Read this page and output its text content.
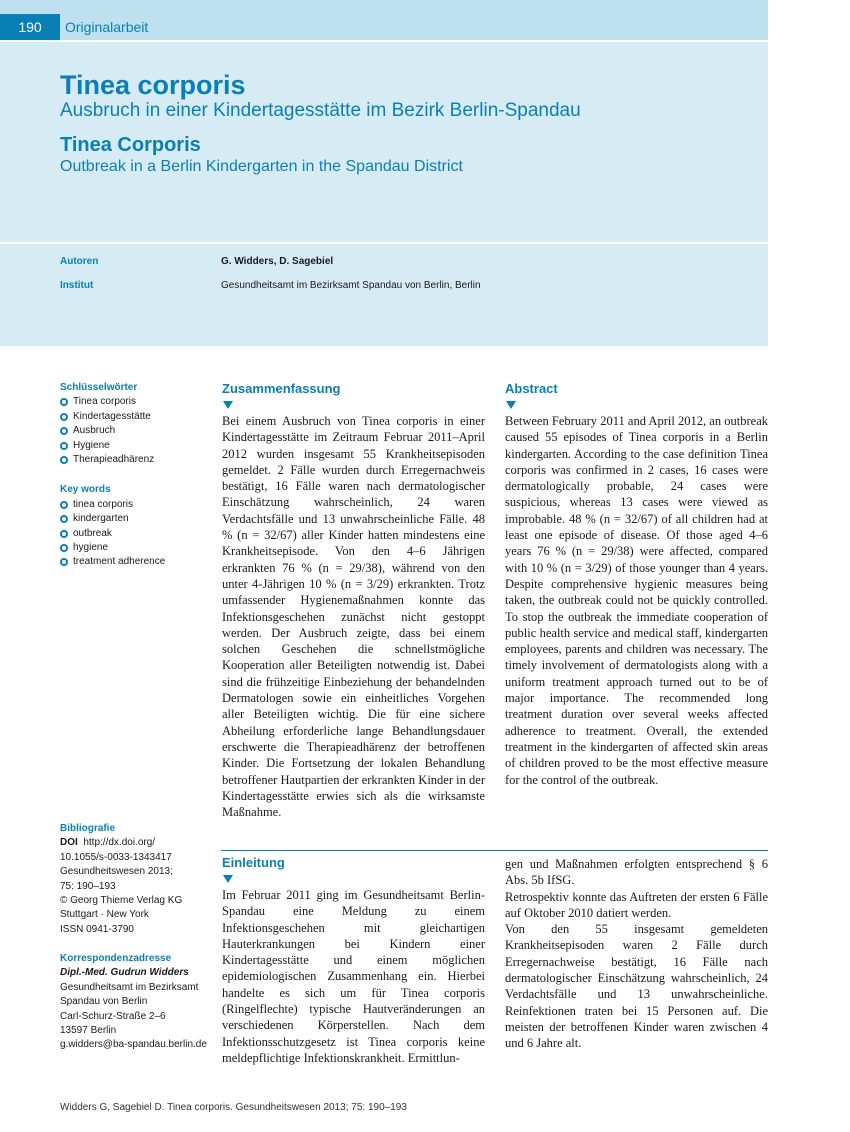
190	Originalarbeit
Tinea corporis
Ausbruch in einer Kindertagesstätte im Bezirk Berlin-Spandau
Tinea Corporis
Outbreak in a Berlin Kindergarten in the Spandau District
Autoren	G. Widders, D. Sagebiel
Institut	Gesundheitsamt im Bezirksamt Spandau von Berlin, Berlin
Schlüsselwörter
Tinea corporis
Kindertagesstätte
Ausbruch
Hygiene
Therapieadhärenz
Key words
tinea corporis
kindergarten
outbreak
hygiene
treatment adherence
Bibliografie
DOI http://dx.doi.org/
10.1055/s-0033-1343417
Gesundheitswesen 2013;
75: 190–193
© Georg Thieme Verlag KG
Stuttgart · New York
ISSN 0941-3790
Korrespondenzadresse
Dipl.-Med. Gudrun Widders
Gesundheitsamt im Bezirksamt
Spandau von Berlin
Carl-Schurz-Straße 2–6
13597 Berlin
g.widders@ba-spandau.berlin.de
Zusammenfassung

Bei einem Ausbruch von Tinea corporis in einer Kindertagesstätte im Zeitraum Februar 2011–April 2012 wurden insgesamt 55 Krankheitsepisoden gemeldet. 2 Fälle wurden durch Erregernachweis bestätigt, 16 Fälle waren nach dermatologischer Einschätzung wahrscheinlich, 24 waren Verdachtsfälle und 13 unwahrscheinliche Fälle. 48 % (n = 32/67) aller Kinder hatten mindestens eine Krankheitsepisode. Von den 4–6 Jährigen erkrankten 76 % (n = 29/38), während von den unter 4-Jährigen 10 % (n = 3/29) erkrankten. Trotz umfassender Hygienemaßnahmen konnte das Infektionsgeschehen zunächst nicht gestoppt werden. Der Ausbruch zeigte, dass bei einem solchen Geschehen die schnellstmögliche Kooperation aller Beteiligten notwendig ist. Dabei sind die frühzeitige Einbeziehung der behandelnden Dermatologen sowie ein einheitliches Vorgehen aller Beteiligten wichtig. Die für eine sichere Abheilung erforderliche lange Behandlungsdauer erschwerte die Therapieadhärenz der betroffenen Kinder. Die Fortsetzung der lokalen Behandlung betroffener Hautpartien der erkrankten Kinder in der Kindertagesstätte erwies sich als die wirksamste Maßnahme.

Abstract

Between February 2011 and April 2012, an outbreak caused 55 episodes of Tinea corporis in a Berlin kindergarten. According to the case definition Tinea corporis was confirmed in 2 cases, 16 cases were dermatologically probable, 24 cases were suspicious, whereas 13 cases were viewed as improbable. 48 % (n = 32/67) of all children had at least one episode of disease. Of those aged 4–6 years 76 % (n = 29/38) were affected, compared with 10 % (n = 3/29) of those younger than 4 years. Despite comprehensive hygienic measures being taken, the outbreak could not be quickly controlled. To stop the outbreak the immediate cooperation of public health service and medical staff, kindergarten employees, parents and children was necessary. The timely involvement of dermatologists along with a uniform treatment approach turned out to be of major importance. The recommended long treatment duration over several weeks affected adherence to treatment. Overall, the extended treatment in the kindergarten of affected skin areas of children proved to be the most effective measure for the control of the outbreak.

Einleitung

Im Februar 2011 ging im Gesundheitsamt Berlin-Spandau eine Meldung zu einem Infektionsgeschehen mit gleichartigen Hauterkrankungen bei Kindern einer Kindertagesstätte und einem möglichen epidemiologischen Zusammenhang ein. Hierbei handelte es sich um für Tinea corporis (Ringelflechte) typische Hautveränderungen an verschiedenen Körperstellen. Nach dem Infektionsschutzgesetz ist Tinea corporis keine meldepflichtige Infektionskrankheit. Ermittlun-

gen und Maßnahmen erfolgten entsprechend § 6 Abs. 5b IfSG.

Retrospektiv konnte das Auftreten der ersten 6 Fälle auf Oktober 2010 datiert werden.

Von den 55 insgesamt gemeldeten Krankheitsepisoden waren 2 Fälle durch Erregernachweise bestätigt, 16 Fälle nach dermatologischer Einschätzung wahrscheinlich, 24 Verdachtsfälle und 13 unwahrscheinliche. Reinfektionen traten bei 15 Personen auf. Die meisten der betroffenen Kinder waren zwischen 4 und 6 Jahre alt.

Widders G, Sagebiel D. Tinea corporis. Gesundheitswesen 2013; 75: 190–193
